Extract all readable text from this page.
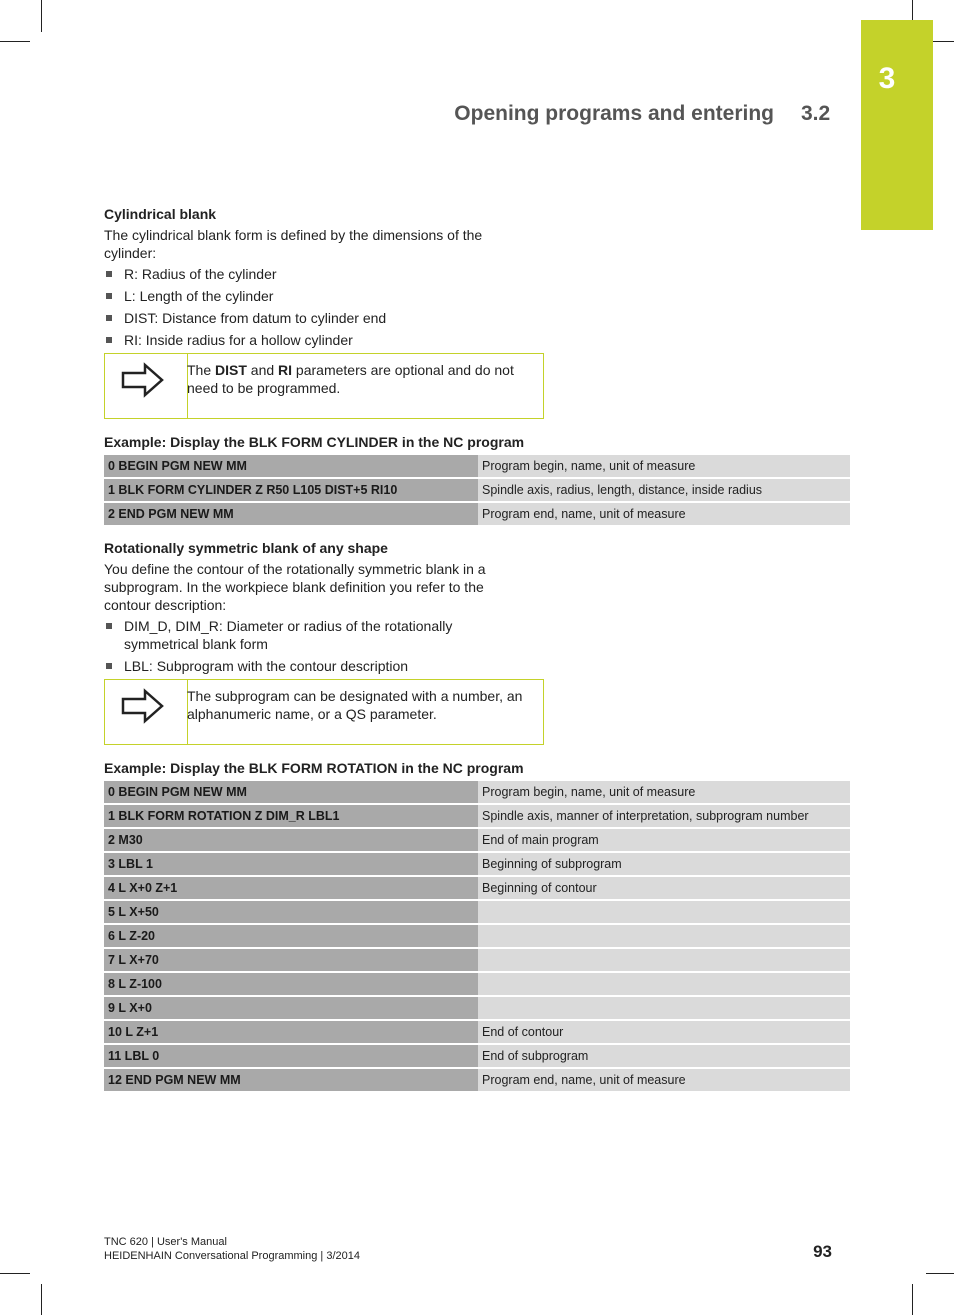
3
Opening programs and entering 3.2
Cylindrical blank

The cylindrical blank form is defined by the dimensions of the cylinder:

R: Radius of the cylinder
L: Length of the cylinder
DIST: Distance from datum to cylinder end
RI: Inside radius for a hollow cylinder
The DIST and RI parameters are optional and do not need to be programmed.
Example: Display the BLK FORM CYLINDER in the NC program
0 BEGIN PGM NEW MM	Program begin, name, unit of measure
1 BLK FORM CYLINDER Z R50 L105 DIST+5 RI10	Spindle axis, radius, length, distance, inside radius
2 END PGM NEW MM	Program end, name, unit of measure
Rotationally symmetric blank of any shape

You define the contour of the rotationally symmetric blank in a subprogram. In the workpiece blank definition you refer to the contour description:

DIM_D, DIM_R: Diameter or radius of the rotationally symmetrical blank form
LBL: Subprogram with the contour description
The subprogram can be designated with a number, an alphanumeric name, or a QS parameter.
Example: Display the BLK FORM ROTATION in the NC program
0 BEGIN PGM NEW MM	Program begin, name, unit of measure
1 BLK FORM ROTATION Z DIM_R LBL1	Spindle axis, manner of interpretation, subprogram number
2 M30	End of main program
3 LBL 1	Beginning of subprogram
4 L X+0 Z+1	Beginning of contour
5 L X+50	
6 L Z-20	
7 L X+70	
8 L Z-100	
9 L X+0	
10 L Z+1	End of contour
11 LBL 0	End of subprogram
12 END PGM NEW MM	Program end, name, unit of measure
TNC 620 | User's Manual
HEIDENHAIN Conversational Programming | 3/2014	93
